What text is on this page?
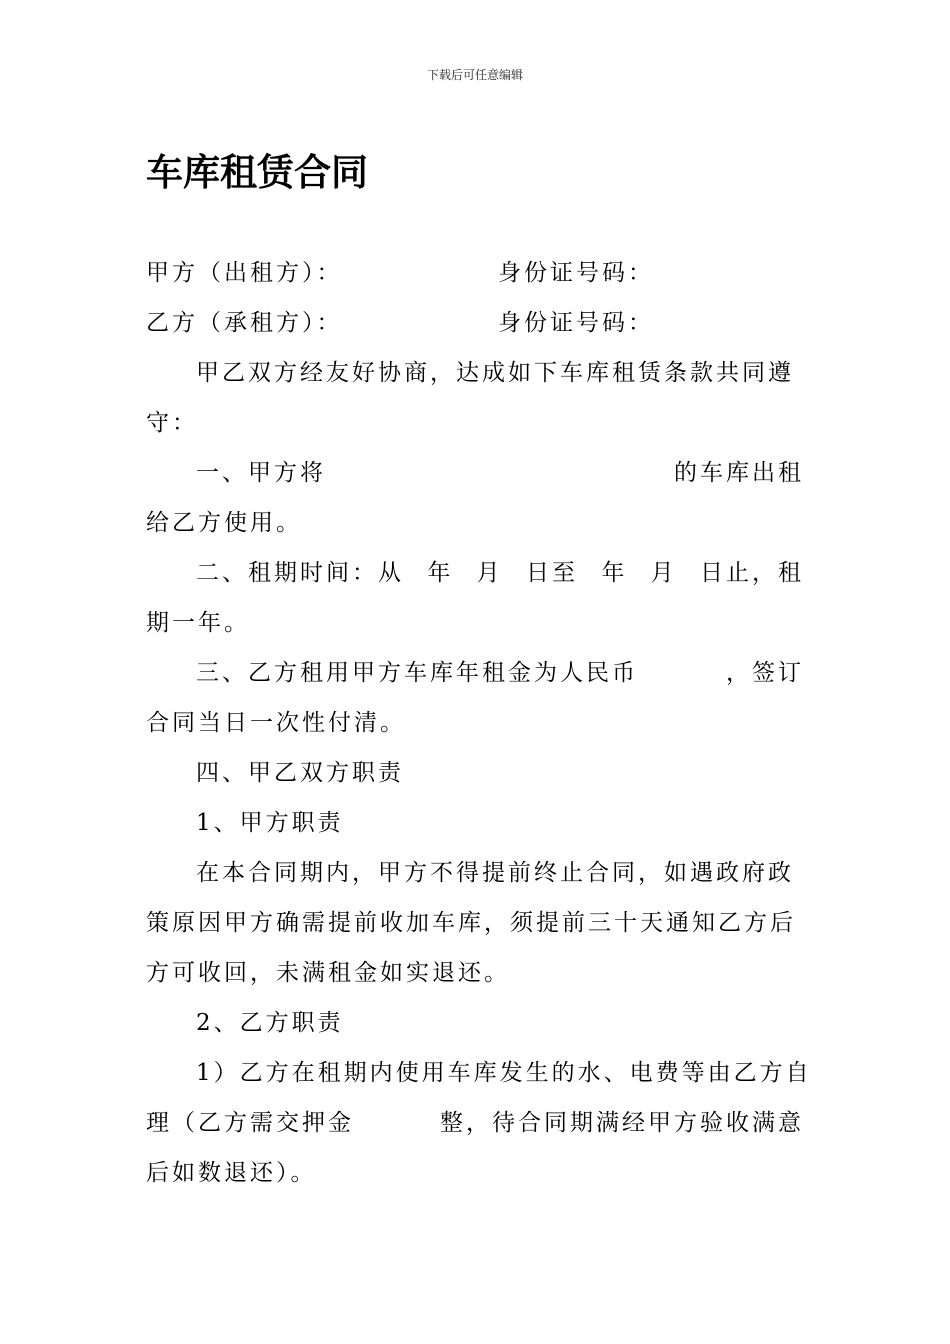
下载后可任意编辑
车库租赁合同
甲方（出租方）：	身份证号码：
乙方（承租方）：	身份证号码：
甲乙双方经友好协商，达成如下车库租赁条款共同遵
守：
一、甲方将	的车库出租
给乙方使用。
二、租期时间：从 年 月 日至 年 月 日止，租
期一年。
三、乙方租用甲方车库年租金为人民币	，签订
合同当日一次性付清。
四、甲乙双方职责
1、甲方职责
在本合同期内，甲方不得提前终止合同，如遇政府政
策原因甲方确需提前收加车库，须提前三十天通知乙方后
方可收回，未满租金如实退还。
2、乙方职责
1）乙方在租期内使用车库发生的水、电费等由乙方自
理（乙方需交押金	整，待合同期满经甲方验收满意
后如数退还）。
